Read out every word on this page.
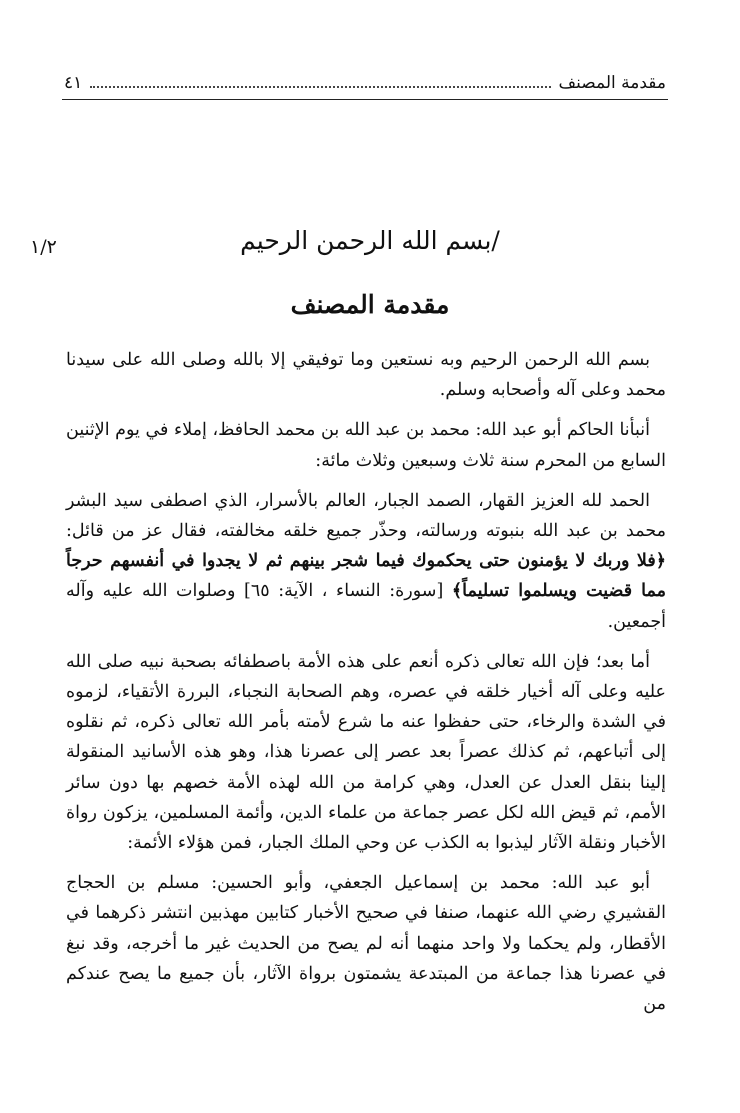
مقدمة المصنف
٤١
١/٢	/بسم الله الرحمن الرحيم
مقدمة المصنف

بسم الله الرحمن الرحيم وبه نستعين وما توفيقي إلا بالله وصلى الله على سيدنا محمد وعلى آله وأصحابه وسلم.

أنبأنا الحاكم أبو عبد الله: محمد بن عبد الله بن محمد الحافظ، إملاء في يوم الإثنين السابع من المحرم سنة ثلاث وسبعين وثلاث مائة:

الحمد لله العزيز القهار، الصمد الجبار، العالم بالأسرار، الذي اصطفى سيد البشر محمد بن عبد الله بنبوته ورسالته، وحذّر جميع خلقه مخالفته، فقال عز من قائل: ﴿فلا وربك لا يؤمنون حتى يحكموك فيما شجر بينهم ثم لا يجدوا في أنفسهم حرجاً مما قضيت ويسلموا تسليماً﴾ [سورة: النساء ، الآية: ٦٥] وصلوات الله عليه وآله أجمعين.

أما بعد؛ فإن الله تعالى ذكره أنعم على هذه الأمة باصطفائه بصحبة نبيه صلى الله عليه وعلى آله أخيار خلقه في عصره، وهم الصحابة النجباء، البررة الأتقياء، لزموه في الشدة والرخاء، حتى حفظوا عنه ما شرع لأمته بأمر الله تعالى ذكره، ثم نقلوه إلى أتباعهم، ثم كذلك عصراً بعد عصر إلى عصرنا هذا، وهو هذه الأسانيد المنقولة إلينا بنقل العدل عن العدل، وهي كرامة من الله لهذه الأمة خصهم بها دون سائر الأمم، ثم قيض الله لكل عصر جماعة من علماء الدين، وأئمة المسلمين، يزكون رواة الأخبار ونقلة الآثار ليذبوا به الكذب عن وحي الملك الجبار، فمن هؤلاء الأئمة:

أبو عبد الله: محمد بن إسماعيل الجعفي، وأبو الحسين: مسلم بن الحجاج القشيري رضي الله عنهما، صنفا في صحيح الأخبار كتابين مهذبين انتشر ذكرهما في الأقطار، ولم يحكما ولا واحد منهما أنه لم يصح من الحديث غير ما أخرجه، وقد نبغ في عصرنا هذا جماعة من المبتدعة يشمتون برواة الآثار، بأن جميع ما يصح عندكم من
